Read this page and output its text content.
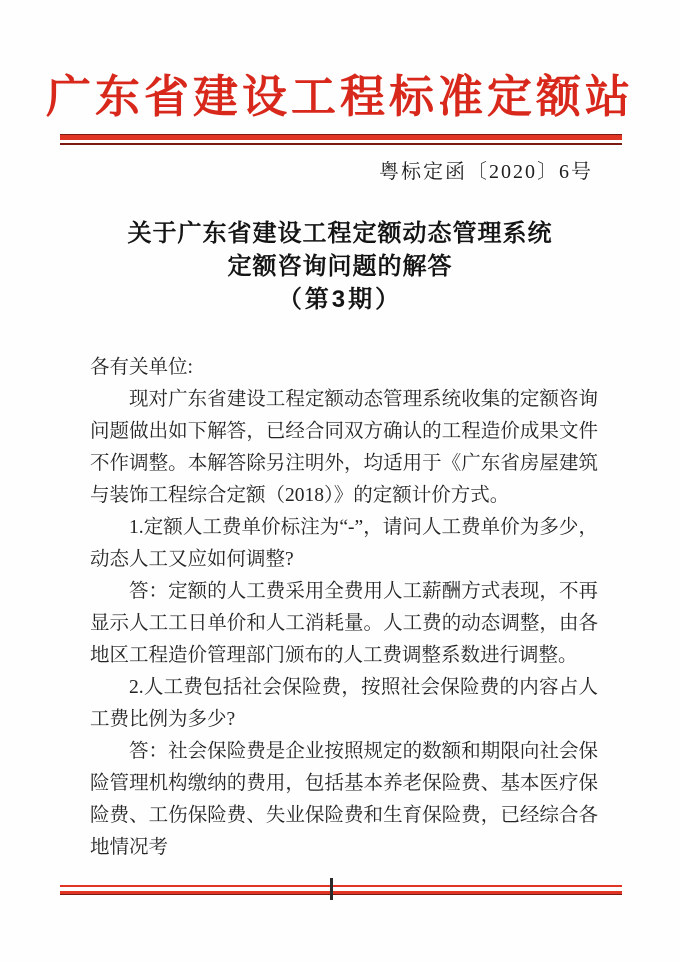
广东省建设工程标准定额站
粤标定函〔2020〕6号
关于广东省建设工程定额动态管理系统
定额咨询问题的解答
（第3期）

各有关单位:

现对广东省建设工程定额动态管理系统收集的定额咨询问题做出如下解答，已经合同双方确认的工程造价成果文件不作调整。本解答除另注明外，均适用于《广东省房屋建筑与装饰工程综合定额（2018）》的定额计价方式。

1.定额人工费单价标注为“-”，请问人工费单价为多少，动态人工又应如何调整?

答：定额的人工费采用全费用人工薪酬方式表现，不再显示人工工日单价和人工消耗量。人工费的动态调整，由各地区工程造价管理部门颁布的人工费调整系数进行调整。

2.人工费包括社会保险费，按照社会保险费的内容占人工费比例为多少?

答：社会保险费是企业按照规定的数额和期限向社会保险管理机构缴纳的费用，包括基本养老保险费、基本医疗保险费、工伤保险费、失业保险费和生育保险费，已经综合各地情况考
